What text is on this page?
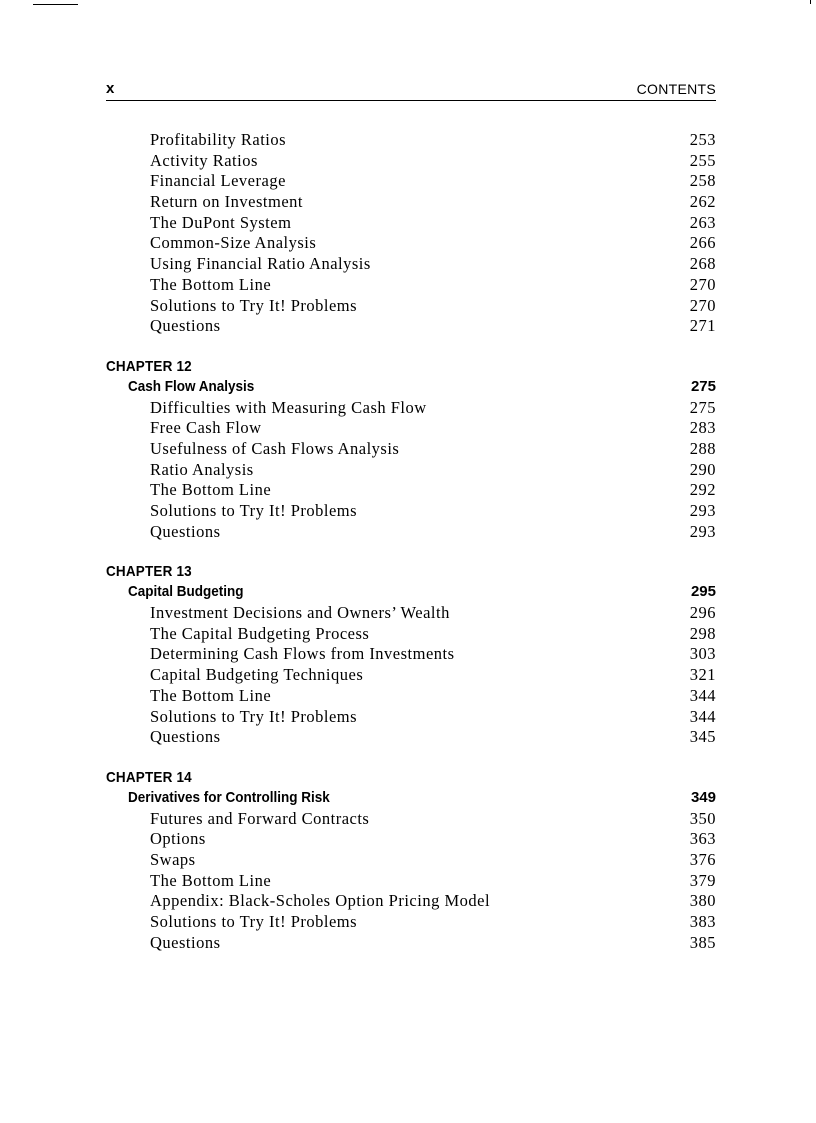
x	CONTENTS
Profitability Ratios	253
Activity Ratios	255
Financial Leverage	258
Return on Investment	262
The DuPont System	263
Common-Size Analysis	266
Using Financial Ratio Analysis	268
The Bottom Line	270
Solutions to Try It! Problems	270
Questions	271
CHAPTER 12
Cash Flow Analysis	275
Difficulties with Measuring Cash Flow	275
Free Cash Flow	283
Usefulness of Cash Flows Analysis	288
Ratio Analysis	290
The Bottom Line	292
Solutions to Try It! Problems	293
Questions	293
CHAPTER 13
Capital Budgeting	295
Investment Decisions and Owners’ Wealth	296
The Capital Budgeting Process	298
Determining Cash Flows from Investments	303
Capital Budgeting Techniques	321
The Bottom Line	344
Solutions to Try It! Problems	344
Questions	345
CHAPTER 14
Derivatives for Controlling Risk	349
Futures and Forward Contracts	350
Options	363
Swaps	376
The Bottom Line	379
Appendix: Black-Scholes Option Pricing Model	380
Solutions to Try It! Problems	383
Questions	385
